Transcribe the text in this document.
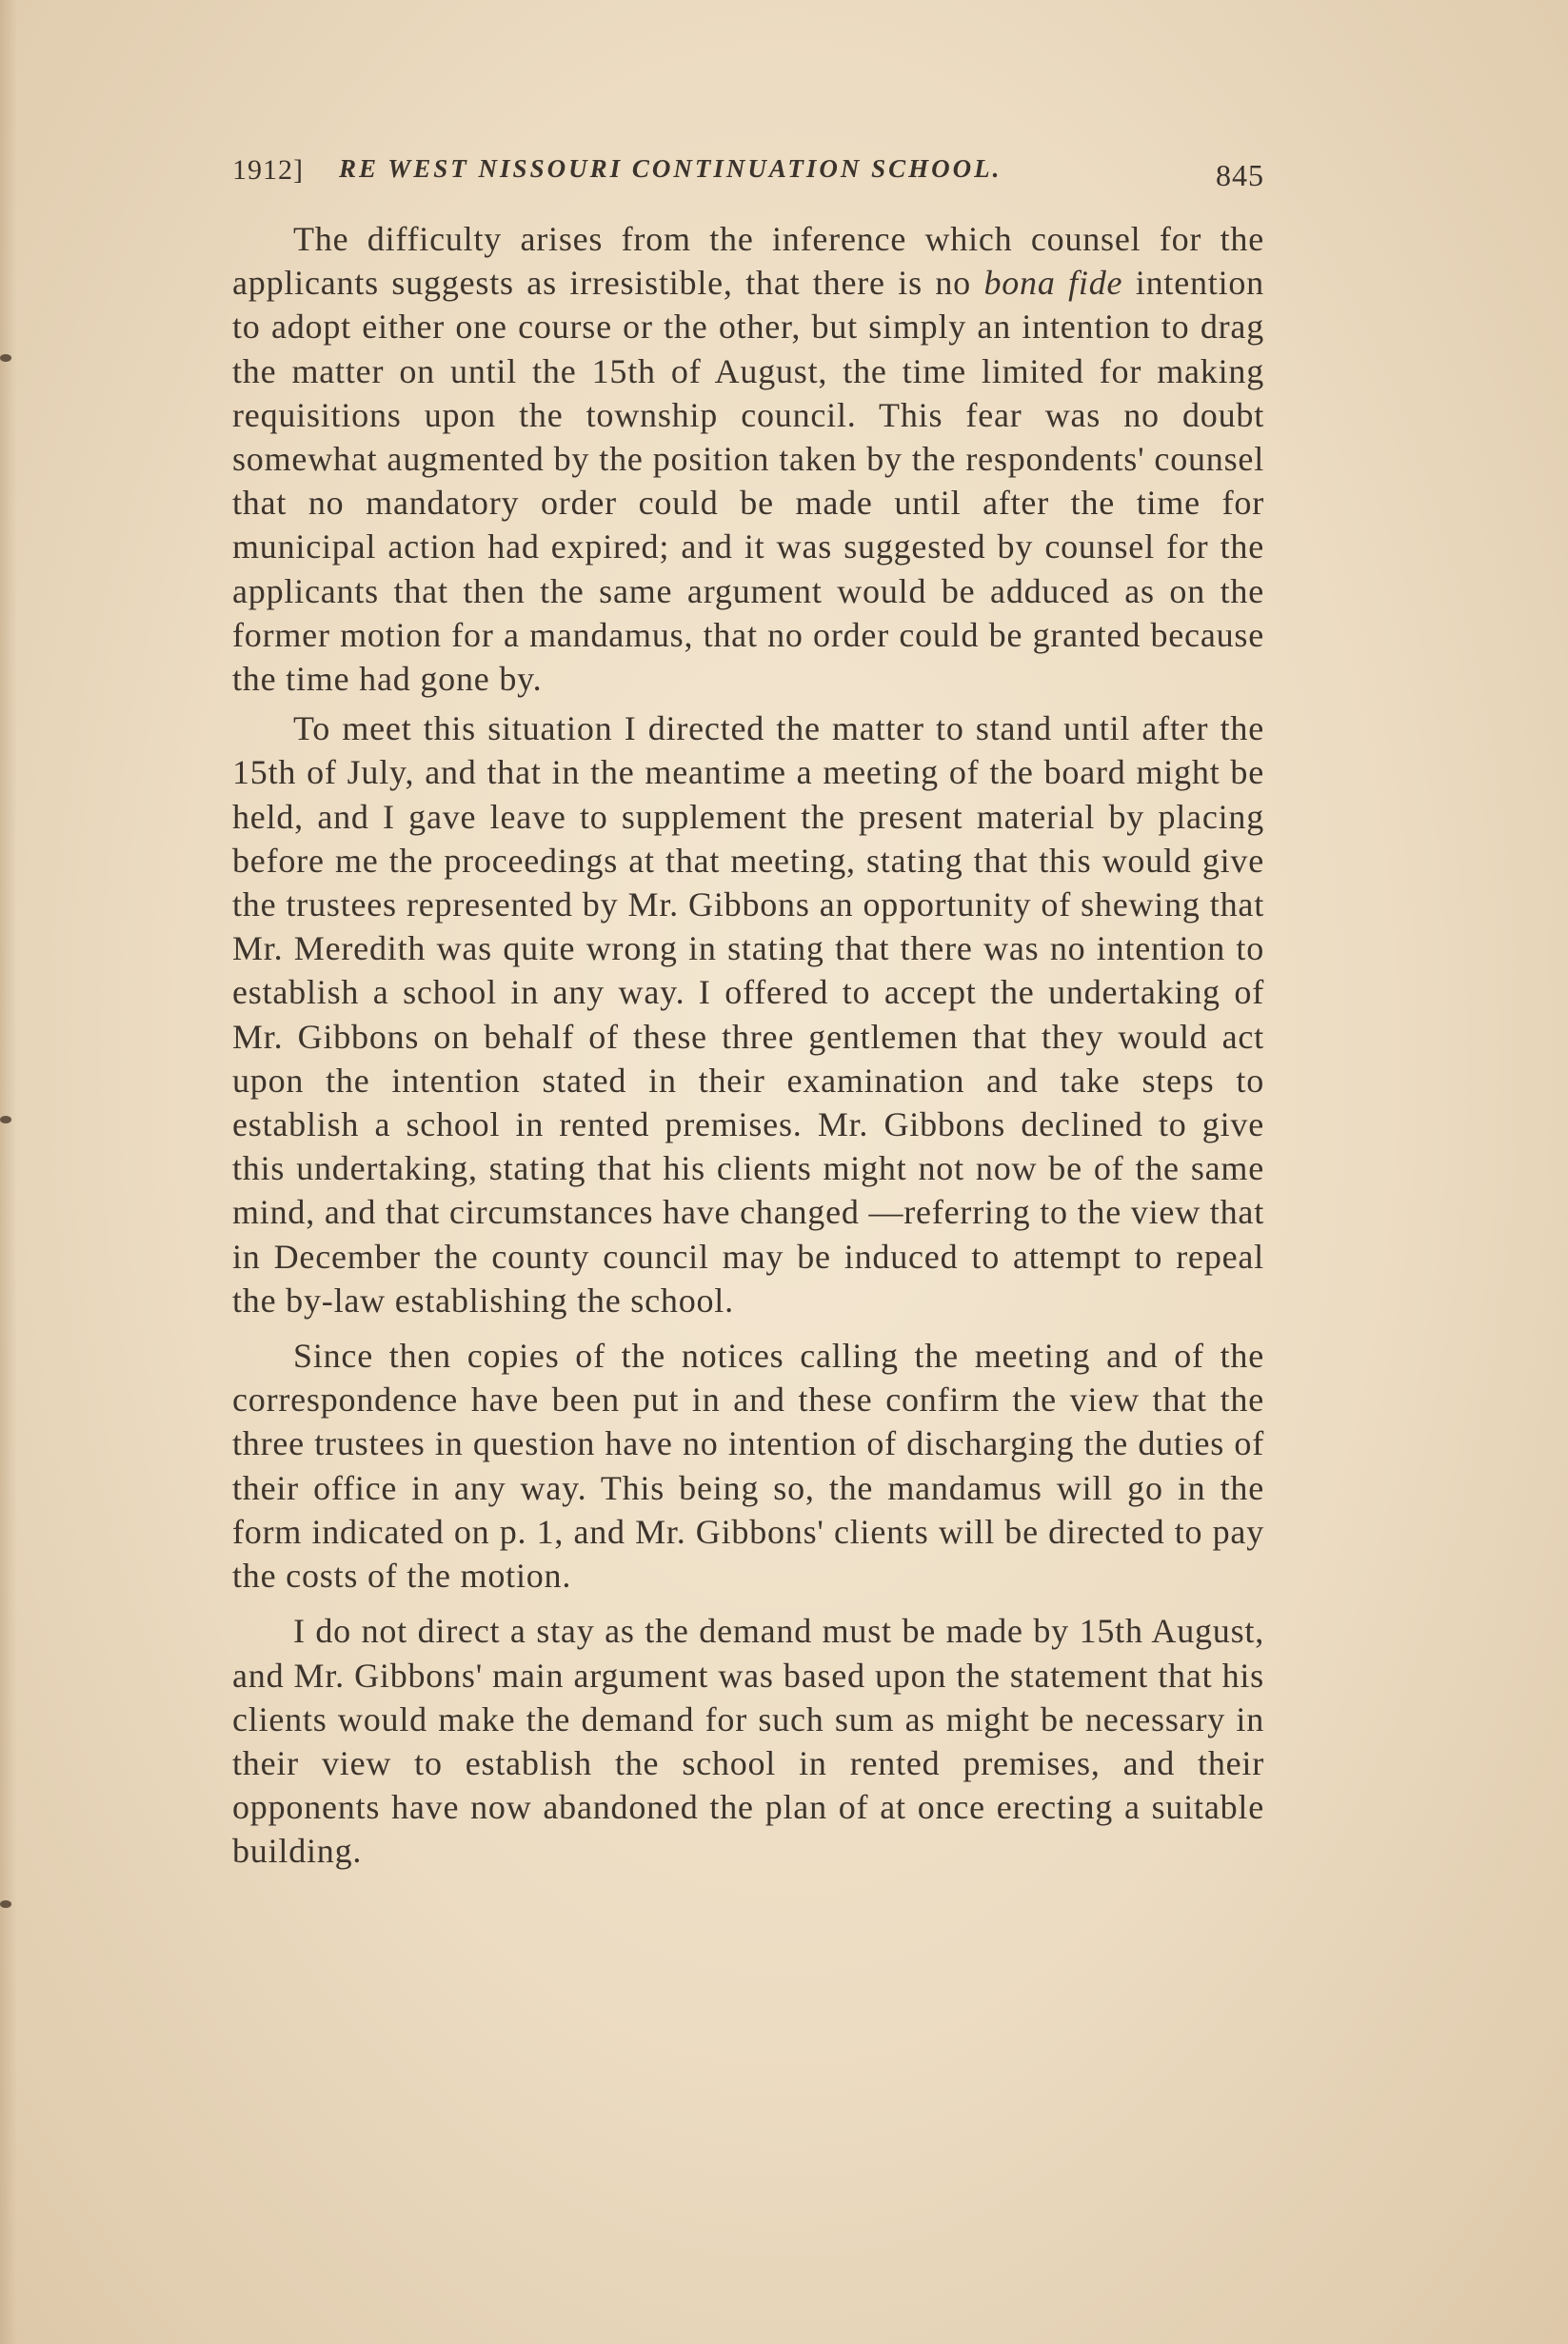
1912] RE WEST NISSOURI CONTINUATION SCHOOL.	845

The difficulty arises from the inference which counsel for the applicants suggests as irresistible, that there is no bona fide intention to adopt either one course or the other, but simply an intention to drag the matter on until the 15th of August, the time limited for making requisitions upon the township council. This fear was no doubt somewhat augmented by the position taken by the respondents' counsel that no mandatory order could be made until after the time for municipal action had expired; and it was suggested by counsel for the applicants that then the same argument would be adduced as on the former motion for a mandamus, that no order could be granted because the time had gone by.

To meet this situation I directed the matter to stand until after the 15th of July, and that in the meantime a meeting of the board might be held, and I gave leave to supplement the present material by placing before me the proceedings at that meeting, stating that this would give the trustees represented by Mr. Gibbons an opportunity of shewing that Mr. Meredith was quite wrong in stating that there was no intention to establish a school in any way. I offered to accept the undertaking of Mr. Gibbons on behalf of these three gentlemen that they would act upon the intention stated in their examination and take steps to establish a school in rented premises. Mr. Gibbons declined to give this undertaking, stating that his clients might not now be of the same mind, and that circumstances have changed —referring to the view that in December the county council may be induced to attempt to repeal the by-law establishing the school.

Since then copies of the notices calling the meeting and of the correspondence have been put in and these confirm the view that the three trustees in question have no intention of discharging the duties of their office in any way. This being so, the mandamus will go in the form indicated on p. 1, and Mr. Gibbons' clients will be directed to pay the costs of the motion.

I do not direct a stay as the demand must be made by 15th August, and Mr. Gibbons' main argument was based upon the statement that his clients would make the demand for such sum as might be necessary in their view to establish the school in rented premises, and their opponents have now abandoned the plan of at once erecting a suitable building.
